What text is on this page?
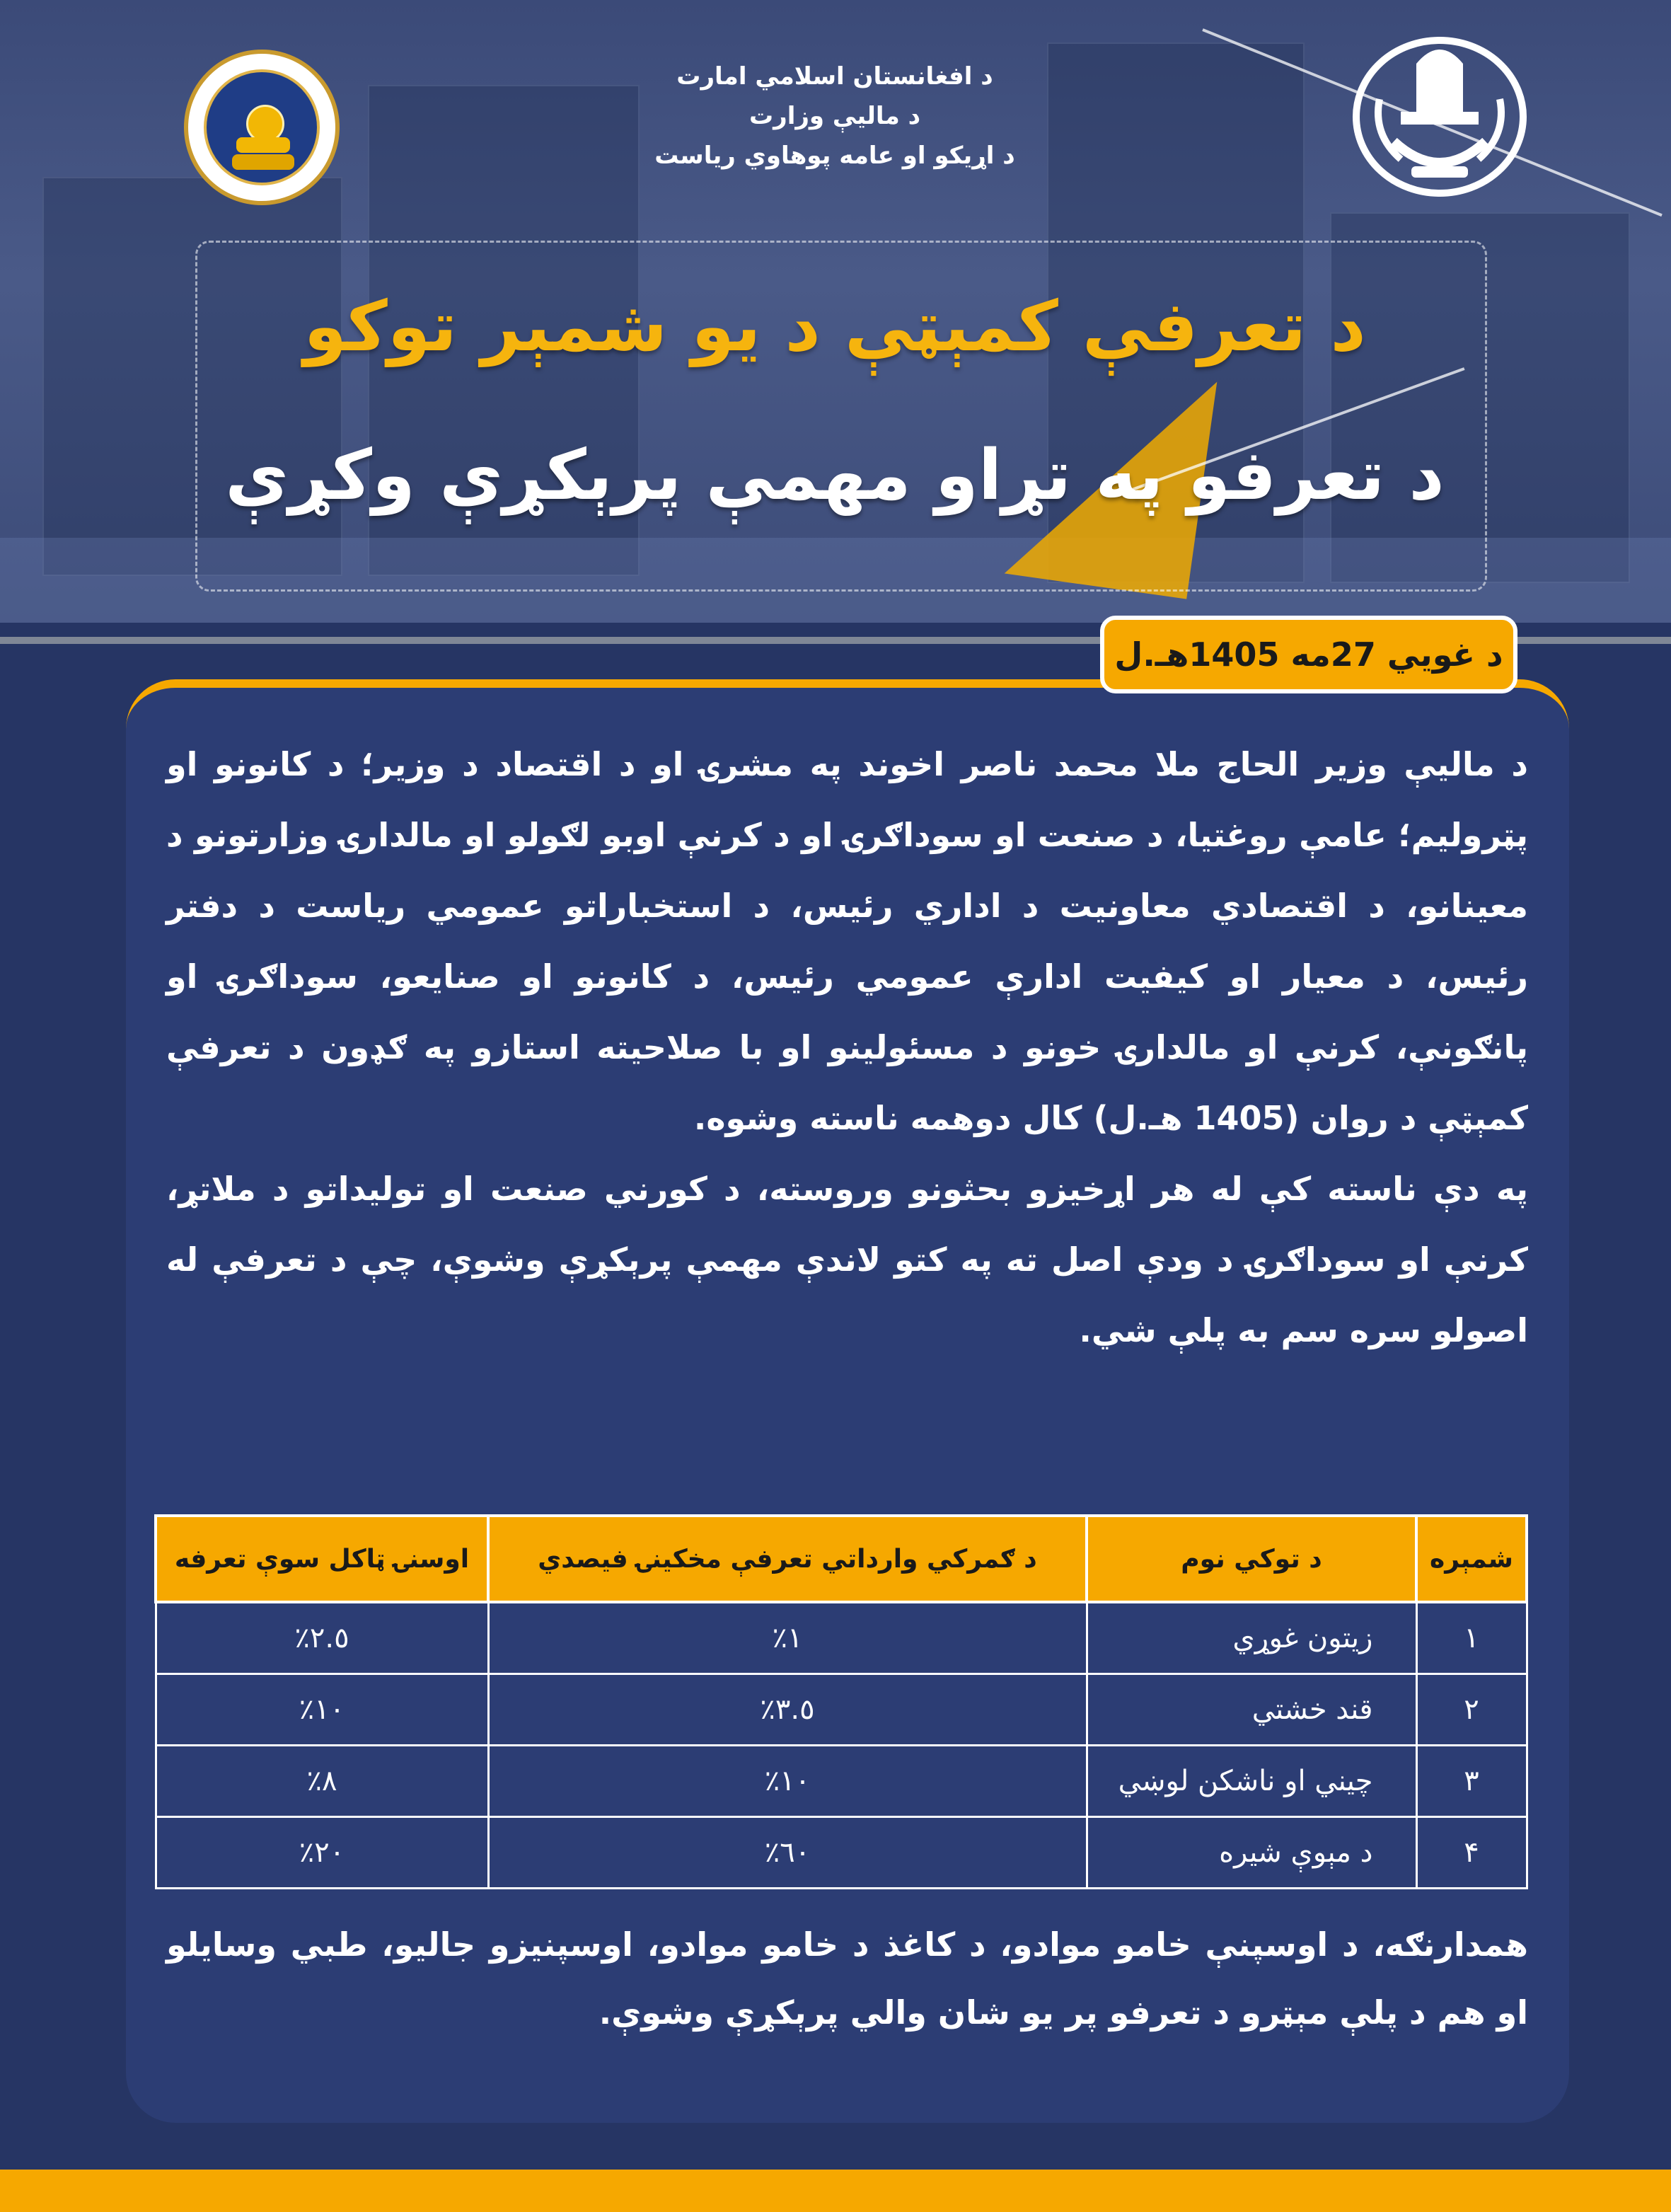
د افغانستان اسلامي امارت
د مالیې وزارت
د اړیکو او عامه پوهاوي ریاست
د تعرفې کمېټې د یو شمېر توکو
د تعرفو په تړاو مهمې پرېکړې وکړې
د غويي 27مه 1405هـ.ل

د مالیې وزیر الحاج ملا محمد ناصر اخوند په مشرۍ او د اقتصاد د وزیر؛ د کانونو او پټرولیم؛ عامې روغتیا، د صنعت او سوداګرۍ او د کرنې اوبو لګولو او مالدارۍ وزارتونو د معینانو، د اقتصادي معاونیت د اداري رئیس، د استخباراتو عمومي ریاست د دفتر رئیس، د معیار او کیفیت ادارې عمومي رئیس، د کانونو او صنایعو، سوداګرۍ او پانګونې، کرنې او مالدارۍ خونو د مسئولینو او با صلاحیته استازو په ګډون د تعرفې کمېټې د روان (1405 هـ.ل) کال دوهمه ناسته وشوه.

په دې ناسته کې له هر اړخیزو بحثونو وروسته، د کورني صنعت او تولیداتو د ملاتړ، کرنې او سوداګرۍ د ودې اصل ته په کتو لاندې مهمې پرېکړې وشوې، چې د تعرفې له اصولو سره سم به پلې شي.

شمېره	د توکي نوم	د ګمرکي وارداتي تعرفې مخکینۍ فیصدي	اوسنۍ ټاکل سوې تعرفه
١	زیتون غوړي	١٪	٢.٥٪
٢	قند خشتي	٣.٥٪	١٠٪
٣	چیني او ناشکن لوښي	١٠٪	٨٪
۴	د مېوې شیره	٦٠٪	٢٠٪

همدارنګه، د اوسپنې خامو موادو، د کاغذ د خامو موادو، اوسپنیزو جالیو، طبي وسایلو او هم د پلې مېټرو د تعرفو پر یو شان والي پرېکړې وشوې.
